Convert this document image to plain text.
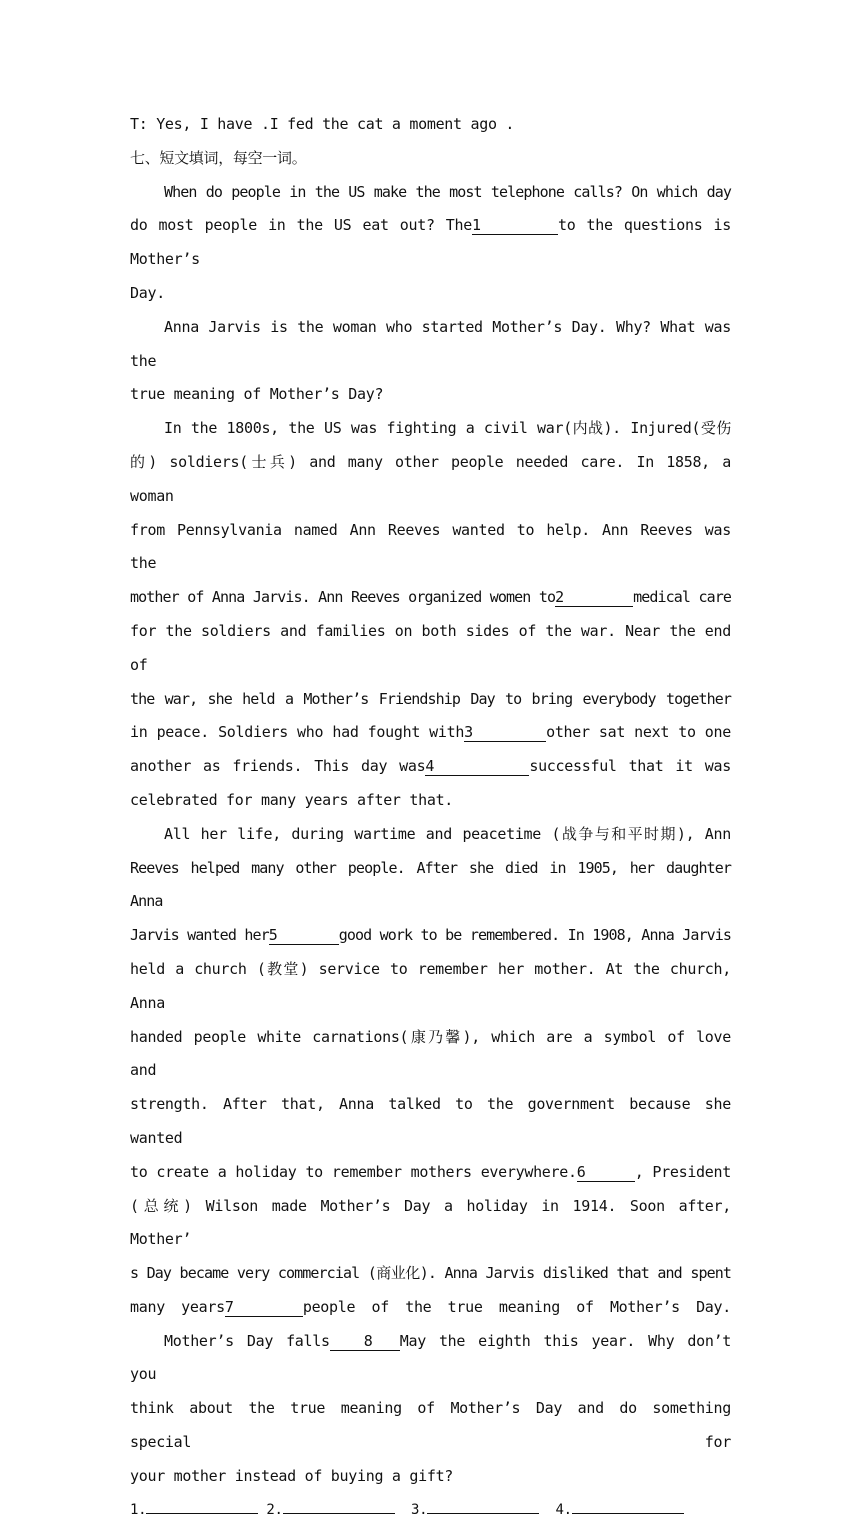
T: Yes, I have .I fed the cat a moment ago .
七、短文填词，每空一词。
When do people in the US make the most telephone calls? On which day
do most people in the US eat out? The1	to the questions is Mother’s
Day.
Anna Jarvis is the woman who started Mother’s Day. Why? What was the
true meaning of Mother’s Day?
In the 1800s, the US was fighting a civil war(内战). Injured(受伤
的) soldiers(士兵) and many other people needed care. In 1858, a woman
from Pennsylvania named Ann Reeves wanted to help. Ann Reeves was the
mother of Anna Jarvis. Ann Reeves organized women to2	medical care
for the soldiers and families on both sides of the war. Near the end of
the war, she held a Mother’s Friendship Day to bring everybody together
in peace. Soldiers who had fought with3	other sat next to one
another as friends. This day was4	successful that it was
celebrated for many years after that.
All her life, during wartime and peacetime (战争与和平时期), Ann
Reeves helped many other people. After she died in 1905, her daughter Anna
Jarvis wanted her5	good work to be remembered. In 1908, Anna Jarvis
held a church (教堂) service to remember her mother. At the church, Anna
handed people white carnations(康乃馨), which are a symbol of love and
strength. After that, Anna talked to the government because she wanted
to create a holiday to remember mothers everywhere.6	, President
(总统) Wilson made Mother’s Day a holiday in 1914. Soon after, Mother’
s Day became very commercial (商业化). Anna Jarvis disliked that and spent
many years7	people of the true meaning of Mother’s Day.
Mother’s Day falls 8 May the eighth this year. Why don’t you
think about the true meaning of Mother’s Day and do something special for
your mother instead of buying a gift?
1.	2.	3.	4.
